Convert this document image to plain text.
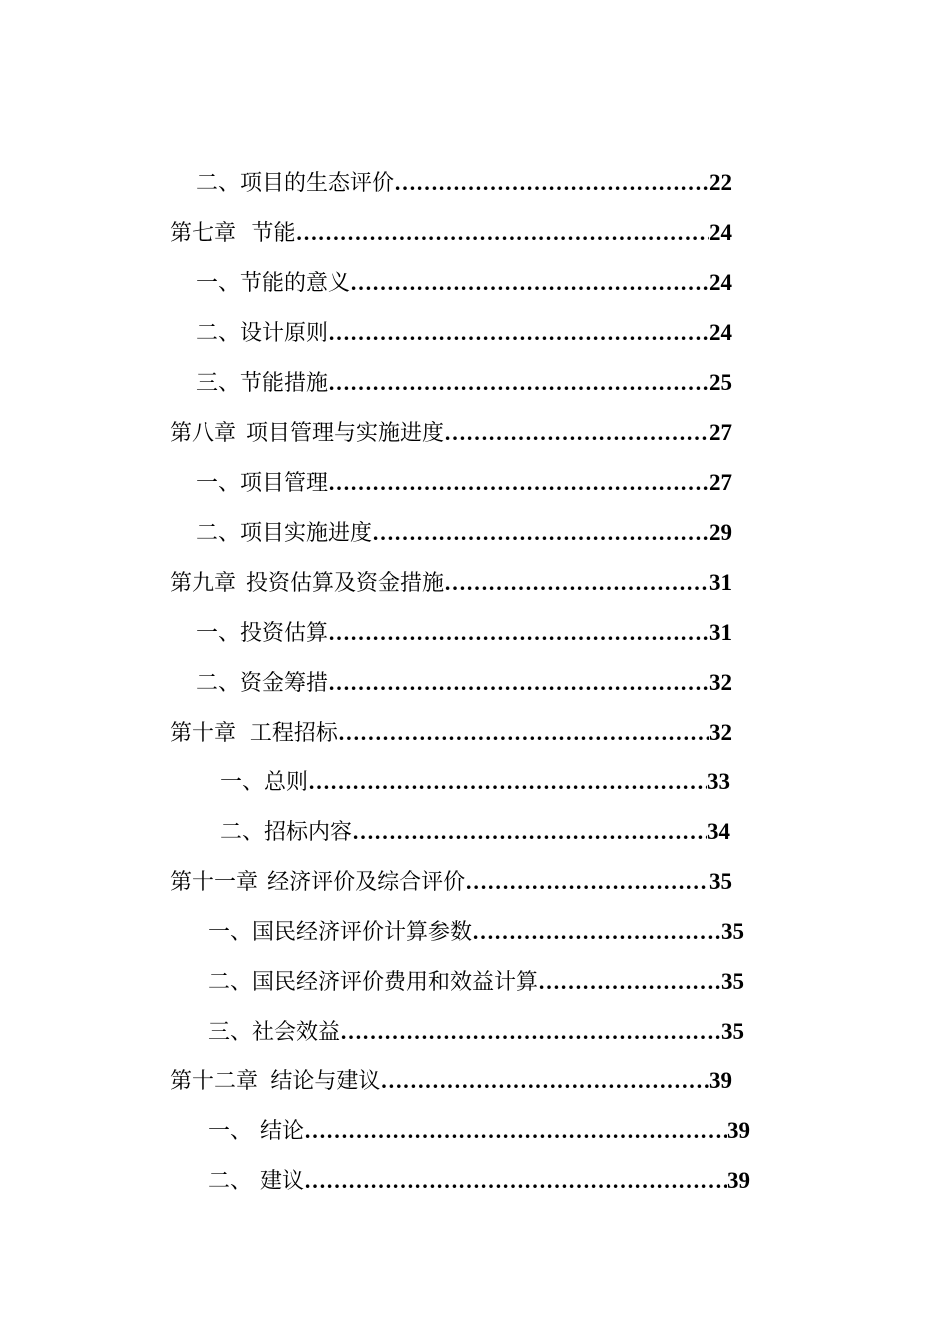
二、 项目的生态评价 …………………………………………………………………………………………	22
第七章 节能 …………………………………………………………………………………………	24
一、 节能的意义 …………………………………………………………………………………………	24
二、 设计原则 …………………………………………………………………………………………	24
三、 节能措施 …………………………………………………………………………………………	25
第八章 项目管理与实施进度 …………………………………………………………………………………………	27
一、 项目管理 …………………………………………………………………………………………	27
二、 项目实施进度 …………………………………………………………………………………………	29
第九章 投资估算及资金措施 …………………………………………………………………………………………	31
一、 投资估算 …………………………………………………………………………………………	31
二、 资金筹措 …………………………………………………………………………………………	32
第十章 工程招标 …………………………………………………………………………………………	32
一、 总则 …………………………………………………………………………………………	33
二、 招标内容 …………………………………………………………………………………………	34
第十一章 经济评价及综合评价 …………………………………………………………………………………………	35
一、 国民经济评价计算参数 …………………………………………………………………………………………	35
二、 国民经济评价费用和效益计算 …………………………………………………………………………………………	35
三、 社会效益 …………………………………………………………………………………………	35
第十二章 结论与建议 …………………………………………………………………………………………	39
一、 结论 …………………………………………………………………………………………	39
二、 建议 …………………………………………………………………………………………	39
